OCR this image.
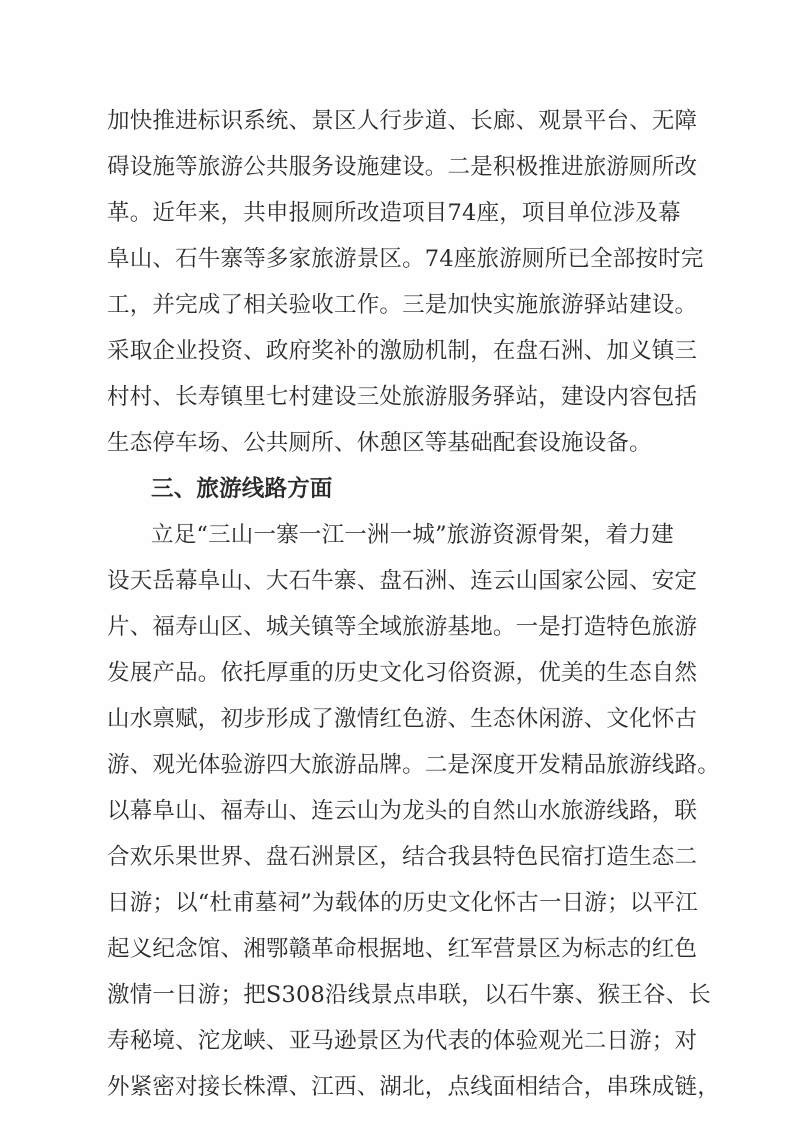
加快推进标识系统、景区人行步道、长廊、观景平台、无障
碍设施等旅游公共服务设施建设。二是积极推进旅游厕所改
革。近年来，共申报厕所改造项目74座，项目单位涉及幕
阜山、石牛寨等多家旅游景区。74座旅游厕所已全部按时完
工，并完成了相关验收工作。三是加快实施旅游驿站建设。
采取企业投资、政府奖补的激励机制，在盘石洲、加义镇三
村村、长寿镇里七村建设三处旅游服务驿站，建设内容包括
生态停车场、公共厕所、休憩区等基础配套设施设备。
三、旅游线路方面
立足“三山一寨一江一洲一城”旅游资源骨架，着力建
设天岳幕阜山、大石牛寨、盘石洲、连云山国家公园、安定
片、福寿山区、城关镇等全域旅游基地。一是打造特色旅游
发展产品。依托厚重的历史文化习俗资源，优美的生态自然
山水禀赋，初步形成了激情红色游、生态休闲游、文化怀古
游、观光体验游四大旅游品牌。二是深度开发精品旅游线路。
以幕阜山、福寿山、连云山为龙头的自然山水旅游线路，联
合欢乐果世界、盘石洲景区，结合我县特色民宿打造生态二
日游；以“杜甫墓祠”为载体的历史文化怀古一日游；以平江
起义纪念馆、湘鄂赣革命根据地、红军营景区为标志的红色
激情一日游；把S308沿线景点串联，以石牛寨、猴王谷、长
寿秘境、沱龙峡、亚马逊景区为代表的体验观光二日游；对
外紧密对接长株潭、江西、湖北，点线面相结合，串珠成链，
